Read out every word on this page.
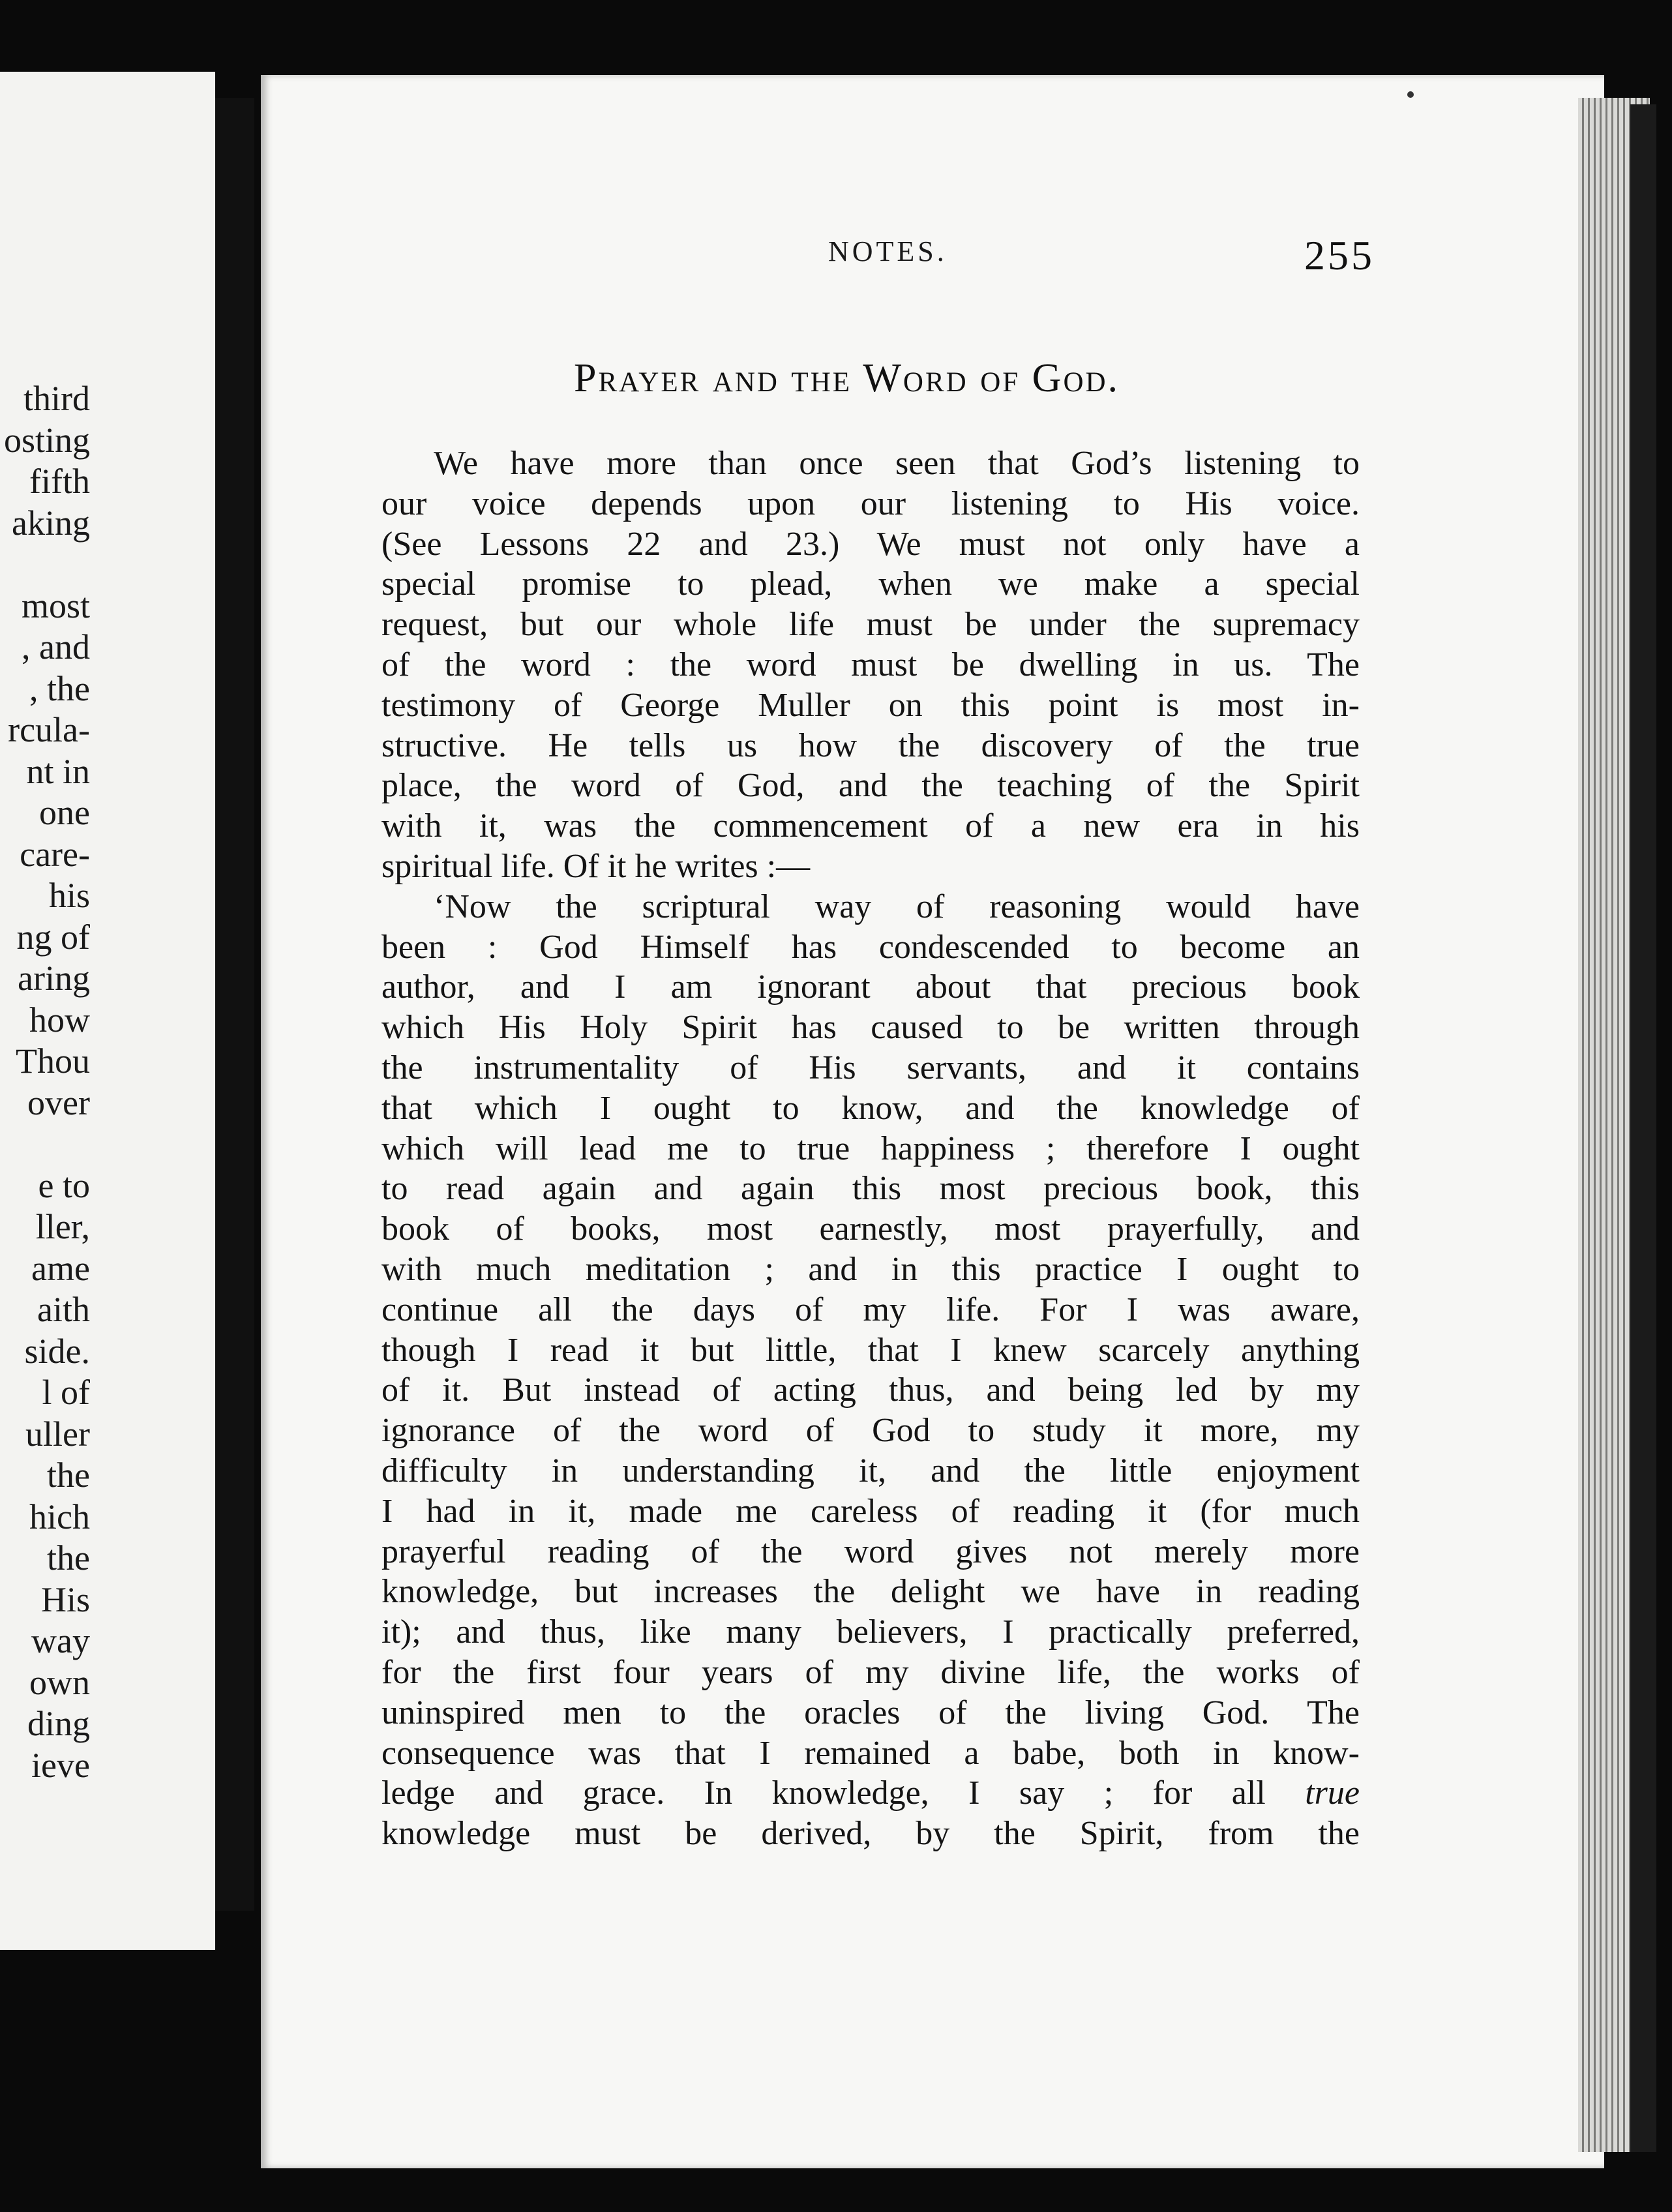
third
osting
fifth
aking
most
, and
, the
rcula-
nt in
one
care-
his
ng of
aring
how
Thou
over
e to
ller,
ame
aith
side.
l of
uller
the
hich
the
His
way
own
ding
ieve
NOTES.	255
Prayer and the Word of God.
We have more than once seen that God’s listening to
our voice depends upon our listening to His voice.
(See Lessons 22 and 23.) We must not only have a
special promise to plead, when we make a special
request, but our whole life must be under the supremacy
of the word : the word must be dwelling in us. The
testimony of George Muller on this point is most in-
structive. He tells us how the discovery of the true
place, the word of God, and the teaching of the Spirit
with it, was the commencement of a new era in his
spiritual life. Of it he writes :—
‘Now the scriptural way of reasoning would have
been : God Himself has condescended to become an
author, and I am ignorant about that precious book
which His Holy Spirit has caused to be written through
the instrumentality of His servants, and it contains
that which I ought to know, and the knowledge of
which will lead me to true happiness ; therefore I ought
to read again and again this most precious book, this
book of books, most earnestly, most prayerfully, and
with much meditation ; and in this practice I ought to
continue all the days of my life. For I was aware,
though I read it but little, that I knew scarcely anything
of it. But instead of acting thus, and being led by my
ignorance of the word of God to study it more, my
difficulty in understanding it, and the little enjoyment
I had in it, made me careless of reading it (for much
prayerful reading of the word gives not merely more
knowledge, but increases the delight we have in reading
it); and thus, like many believers, I practically preferred,
for the first four years of my divine life, the works of
uninspired men to the oracles of the living God. The
consequence was that I remained a babe, both in know-
ledge and grace. In knowledge, I say ; for all true
knowledge must be derived, by the Spirit, from the
